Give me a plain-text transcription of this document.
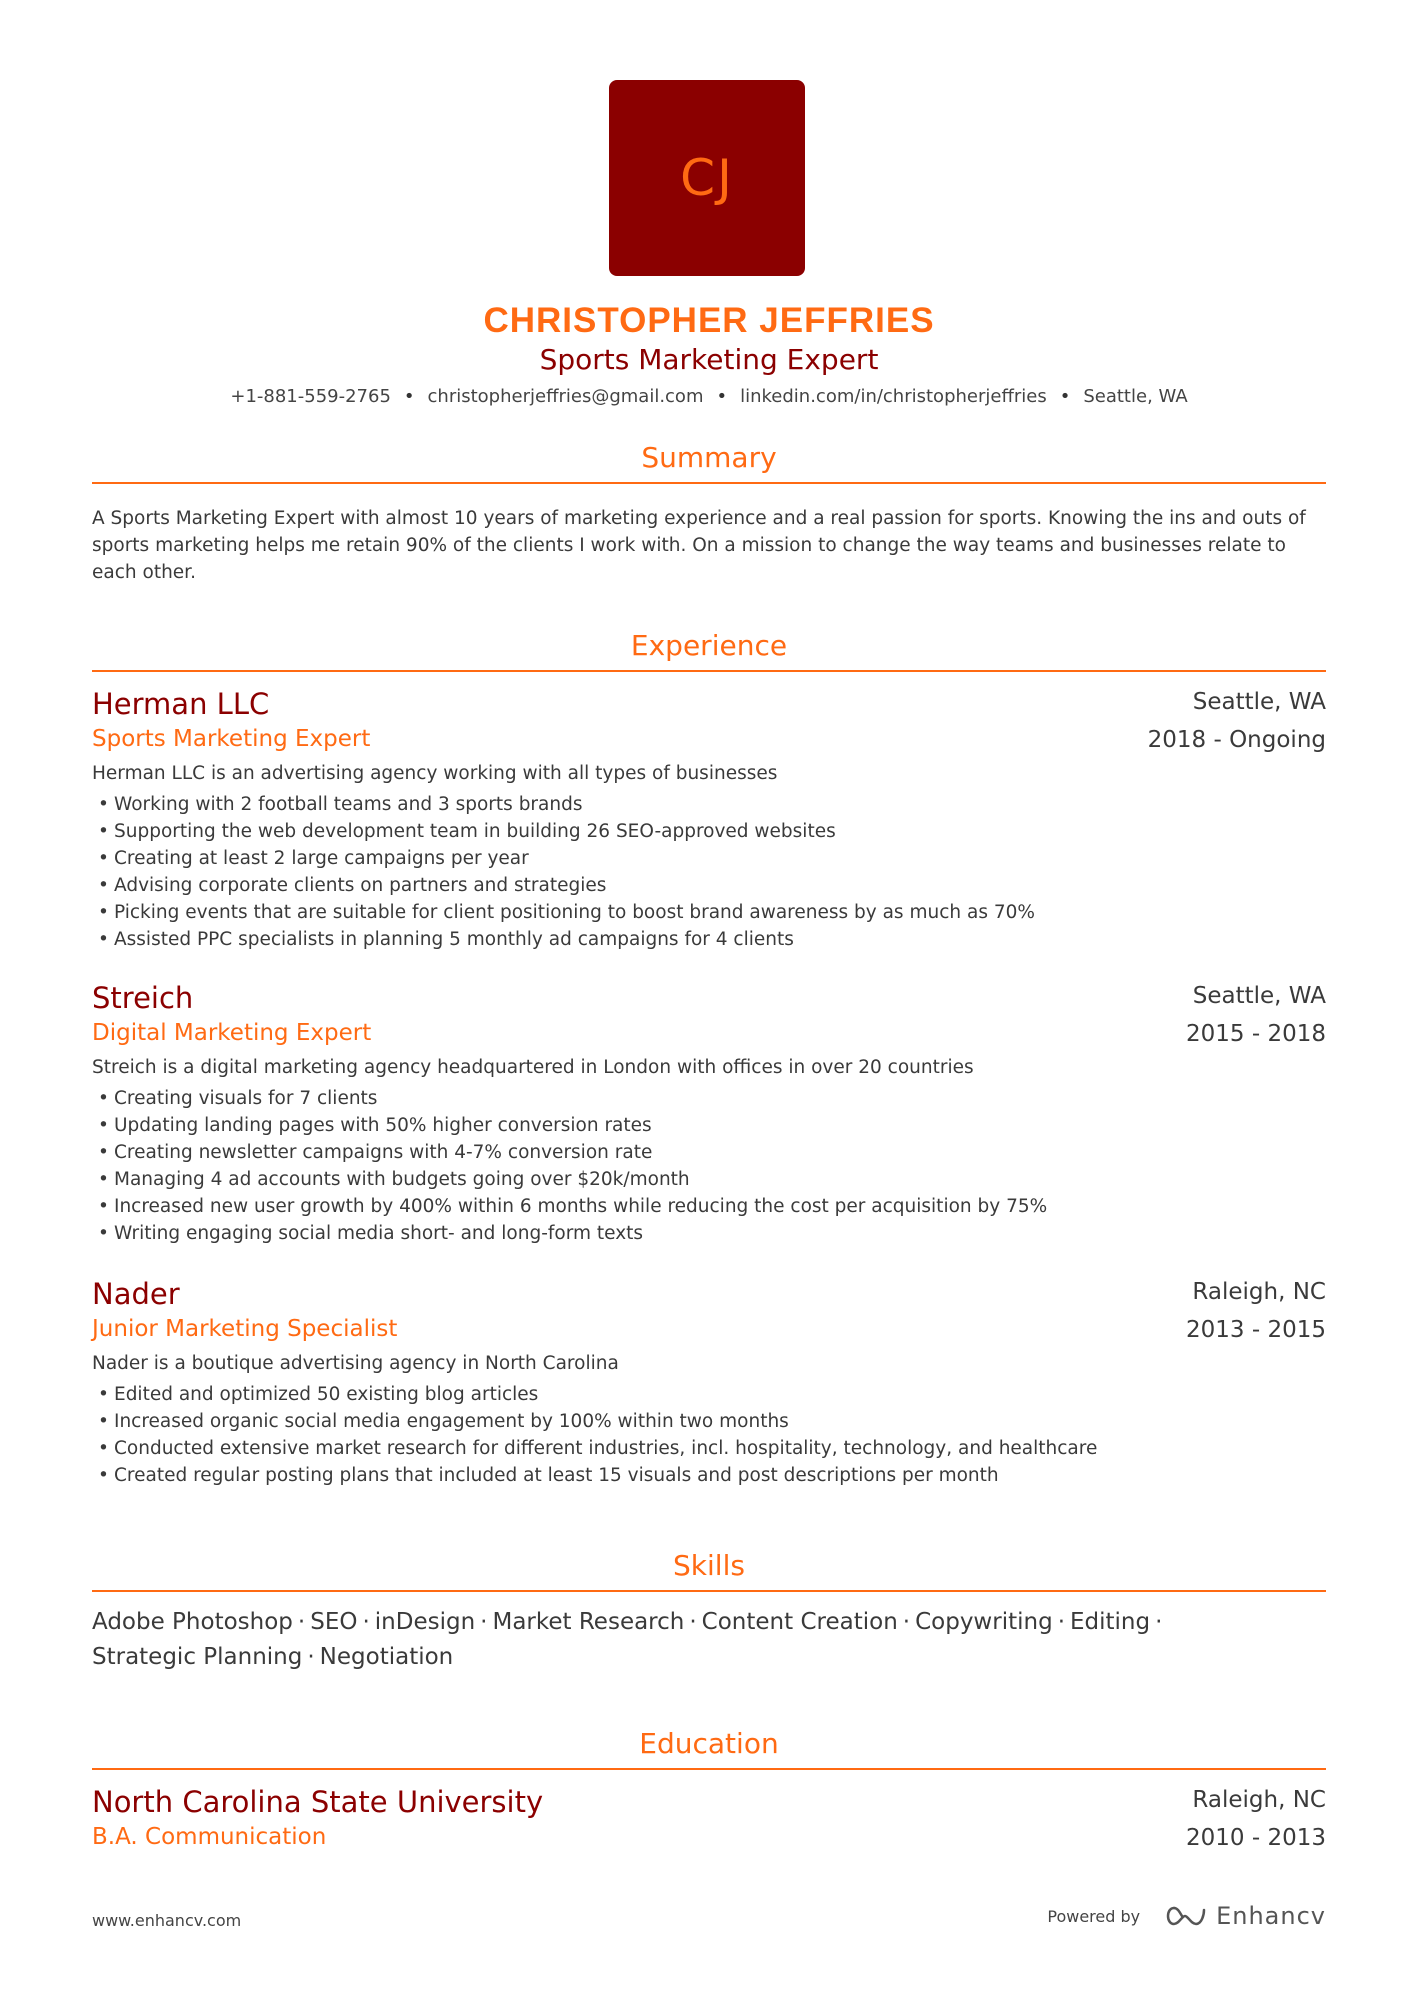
CJ
CHRISTOPHER JEFFRIES
Sports Marketing Expert
+1-881-559-2765 • christopherjeffries@gmail.com • linkedin.com/in/christopherjeffries • Seattle, WA
Summary
A Sports Marketing Expert with almost 10 years of marketing experience and a real passion for sports. Knowing the ins and outs of sports marketing helps me retain 90% of the clients I work with. On a mission to change the way teams and businesses relate to each other.
Experience
Herman LLC
Sports Marketing Expert
Seattle, WA
2018 - Ongoing
Herman LLC is an advertising agency working with all types of businesses
• Working with 2 football teams and 3 sports brands
• Supporting the web development team in building 26 SEO-approved websites
• Creating at least 2 large campaigns per year
• Advising corporate clients on partners and strategies
• Picking events that are suitable for client positioning to boost brand awareness by as much as 70%
• Assisted PPC specialists in planning 5 monthly ad campaigns for 4 clients
Streich
Digital Marketing Expert
Seattle, WA
2015 - 2018
Streich is a digital marketing agency headquartered in London with offices in over 20 countries
• Creating visuals for 7 clients
• Updating landing pages with 50% higher conversion rates
• Creating newsletter campaigns with 4-7% conversion rate
• Managing 4 ad accounts with budgets going over $20k/month
• Increased new user growth by 400% within 6 months while reducing the cost per acquisition by 75%
• Writing engaging social media short- and long-form texts
Nader
Junior Marketing Specialist
Raleigh, NC
2013 - 2015
Nader is a boutique advertising agency in North Carolina
• Edited and optimized 50 existing blog articles
• Increased organic social media engagement by 100% within two months
• Conducted extensive market research for different industries, incl. hospitality, technology, and healthcare
• Created regular posting plans that included at least 15 visuals and post descriptions per month
Skills
Adobe Photoshop · SEO · inDesign · Market Research · Content Creation · Copywriting · Editing ·
Strategic Planning · Negotiation
Education
North Carolina State University
B.A. Communication
Raleigh, NC
2010 - 2013
www.enhancv.com	Powered by	Enhancv
